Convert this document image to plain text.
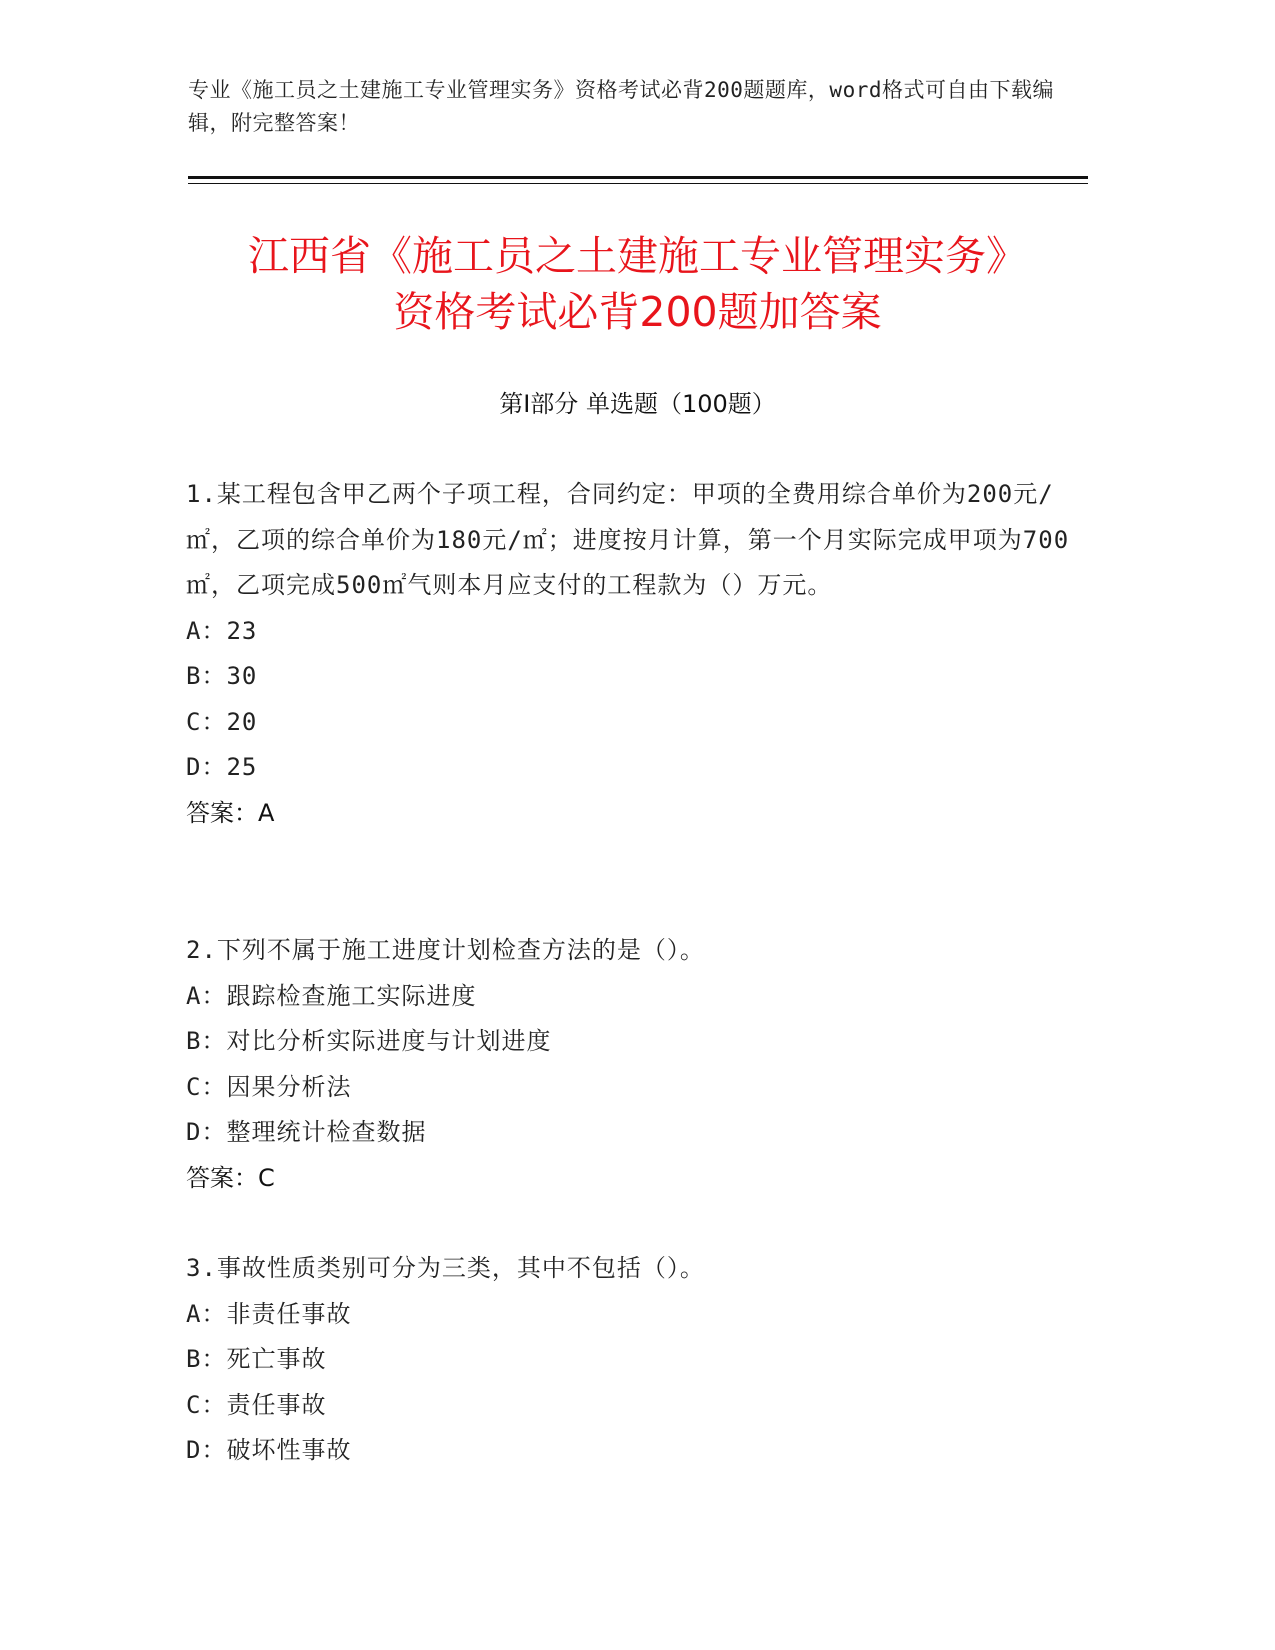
专业《施工员之土建施工专业管理实务》资格考试必背200题题库，word格式可自由下载编辑，附完整答案！
江西省《施工员之土建施工专业管理实务》
资格考试必背200题加答案
第Ⅰ部分 单选题（100题）

1.某工程包含甲乙两个子项工程，合同约定：甲项的全费用综合单价为200元/㎡，乙项的综合单价为180元/㎡；进度按月计算，第一个月实际完成甲项为700㎡，乙项完成500㎡气则本月应支付的工程款为（）万元。

A：23

B：30

C：20

D：25

答案：A

2.下列不属于施工进度计划检查方法的是（）。

A：跟踪检查施工实际进度

B：对比分析实际进度与计划进度

C：因果分析法

D：整理统计检查数据

答案：C

3.事故性质类别可分为三类，其中不包括（）。

A：非责任事故

B：死亡事故

C：责任事故

D：破坏性事故
